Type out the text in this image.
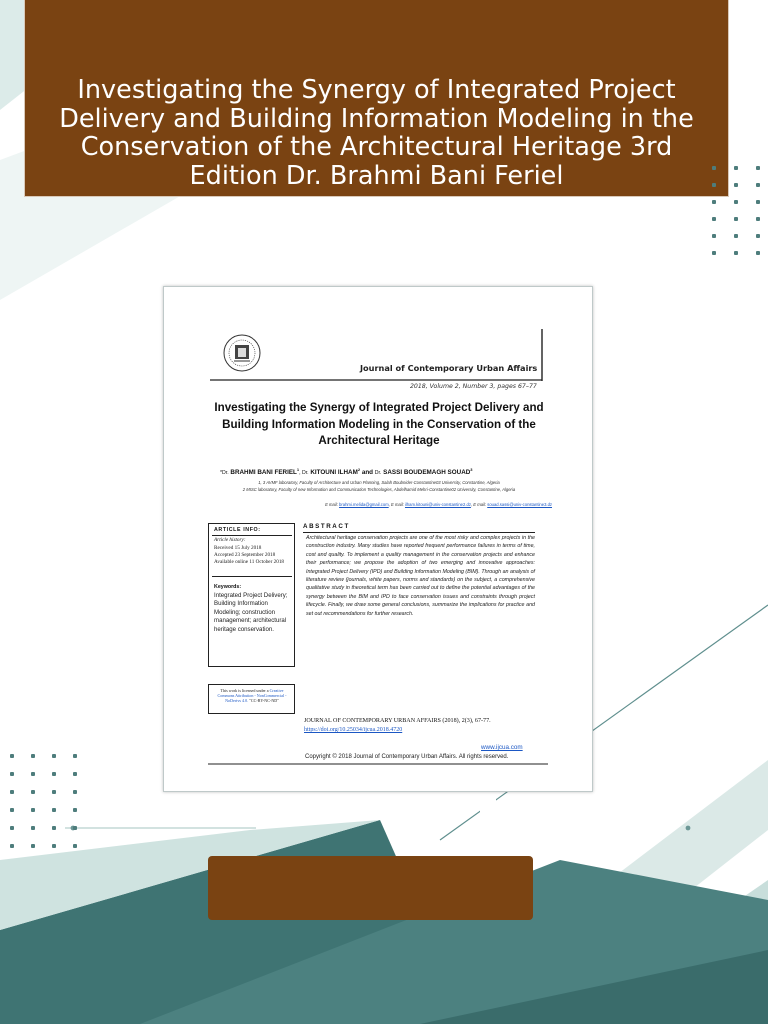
Investigating the Synergy of Integrated Project Delivery and Building Information Modeling in the Conservation of the Architectural Heritage 3rd Edition Dr. Brahmi Bani Feriel
Journal of Contemporary Urban Affairs
2018, Volume 2, Number 3, pages 67–77
Investigating the Synergy of Integrated Project Delivery and Building Information Modeling in the Conservation of the Architectural Heritage
*Dr. BRAHMI BANI FERIEL$^1$, Dr. KITOUNI ILHAM$^2$ and Dr. SASSI BOUDEMAGH SOUAD$^3$
1, 3 AVMF laboratory, Faculty of Architecture and Urban Planning, Salah Boubnider-Constantine03 University, Constantine, Algeria
2 MISC laboratory, Faculty of new Information and Communication Technologies, Abdelhamid Mehri-Constantine02 University, Constantine, Algeria
E mail: brahmi.melida@gmail.com, E mail: ilham.kitouni@univ-constantine2.dz, E mail: souad.sassi@univ-constantine3.dz
ARTICLE INFO:
Article history:
Received 15 July 2018
Accepted 23 September 2018
Available online 11 October 2018
Keywords:
Integrated Project Delivery; Building Information Modeling; construction management; architectural heritage conservation.
This work is licensed under a Creative Commons Attribution - NonCommercial - NoDerivs 4.0. "CC-BY-NC-ND"
ABSTRACT
Architectural heritage conservation projects are one of the most risky and complex projects in the construction industry. Many studies have reported frequent performance failures in terms of time, cost and quality. To implement a quality management in the conservation projects and enhance their performance; we propose the adoption of two emerging and innovative approaches: Integrated Project Delivery (IPD) and Building Information Modeling (BIM). Through an analysis of literature review (journals, white papers, norms and standards) on the subject, a comprehensive qualitative study in theoretical term has been carried out to define the potential advantages of the synergy between the BIM and IPD to face conservation issues and constraints through project lifecycle. Finally, we draw some general conclusions, summarize the implications for practice and set out recommendations for further research.
JOURNAL OF CONTEMPORARY URBAN AFFAIRS (2018), 2(3), 67-77.
https://doi.org/10.25034/ijcua.2018.4720
www.ijcua.com
Copyright © 2018 Journal of Contemporary Urban Affairs. All rights reserved.
